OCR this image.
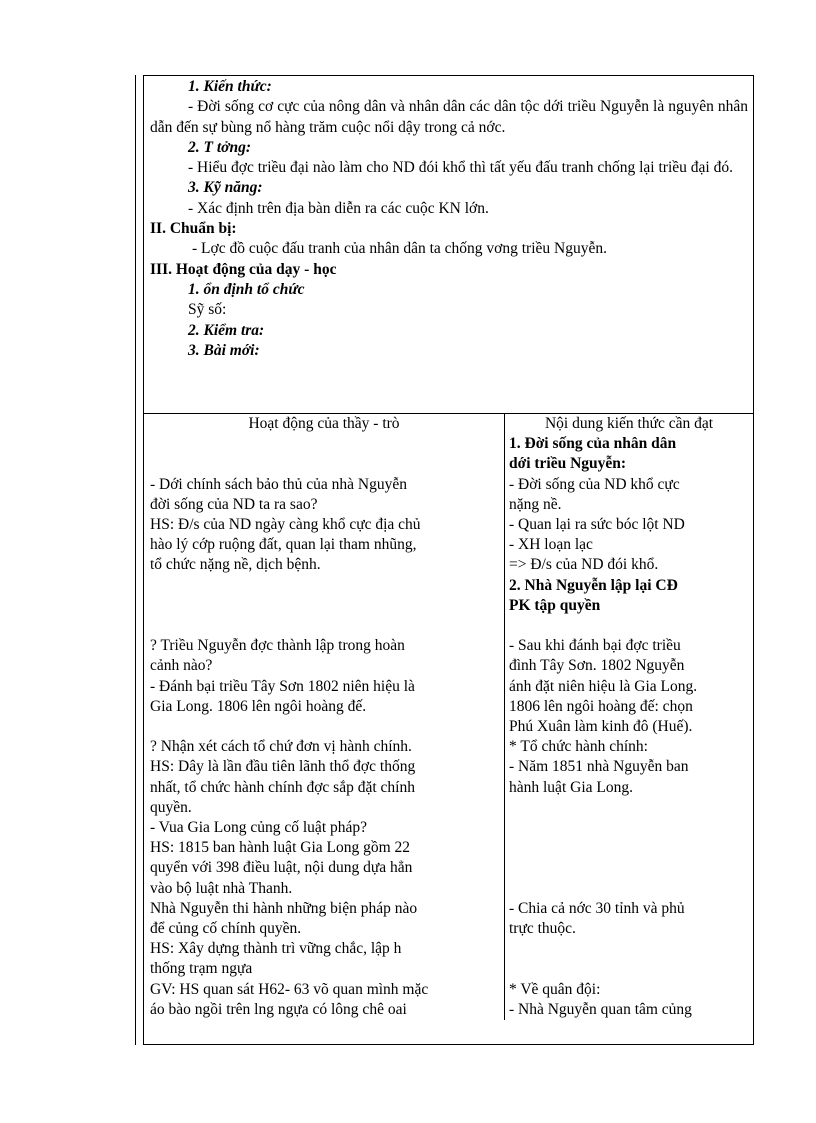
1. Kiến thức:

- Đời sống cơ cực của nông dân và nhân dân các dân tộc dới triều Nguyễn là nguyên nhân dẫn đến sự bùng nổ hàng trăm cuộc nổi dậy trong cả nớc.

2. T tởng:

- Hiểu đợc triều đại nào làm cho ND đói khổ thì tất yếu đấu tranh chống lại triều đại đó.

3. Kỹ năng:

- Xác định trên địa bàn diễn ra các cuộc KN lớn.

II. Chuẩn bị:

- Lợc đồ cuộc đấu tranh của nhân dân ta chống vơng triều Nguyễn.

III. Hoạt động của dạy - học

1. ổn định tổ chức

Sỹ số:

2. Kiểm tra:

3. Bài mới:

Hoạt động của thầy - trò	Nội dung kiến thức cần đạt

- Dới chính sách bảo thủ của nhà Nguyễn

đời sống của ND ta ra sao?

HS: Đ/s của ND ngày càng khổ cực địa chủ

hào lý cớp ruộng đất, quan lại tham nhũng,

tổ chức nặng nề, dịch bệnh.

? Triều Nguyễn đợc thành lập trong hoàn

cảnh nào?

- Đánh bại triều Tây Sơn 1802 niên hiệu là

Gia Long. 1806 lên ngôi hoàng đế.

? Nhận xét cách tổ chứ đơn vị hành chính.

HS: Dây là lần đầu tiên lãnh thổ đợc thống

nhất, tổ chức hành chính đợc sắp đặt chính

quyền.

- Vua Gia Long củng cố luật pháp?

HS: 1815 ban hành luật Gia Long gồm 22

quyển với 398 điều luật, nội dung dựa hẳn

vào bộ luật nhà Thanh.

Nhà Nguyễn thi hành những biện pháp nào

để củng cố chính quyền.

HS: Xây dựng thành trì vững chắc, lập h

thống trạm ngựa

GV: HS quan sát H62- 63 võ quan mình mặc

áo bào ngồi trên lng ngựa có lông chê oai

1. Đời sống của nhân dân

dới triều Nguyễn:

- Đời sống của ND khổ cực

nặng nề.

- Quan lại ra sức bóc lột ND

- XH loạn lạc

=> Đ/s của ND đói khổ.

2. Nhà Nguyễn lập lại CĐ

PK tập quyền

- Sau khi đánh bại đợc triều

đình Tây Sơn. 1802 Nguyễn

ánh đặt niên hiệu là Gia Long.

1806 lên ngôi hoàng đế: chọn

Phú Xuân làm kinh đô (Huế).

* Tổ chức hành chính:

- Năm 1851 nhà Nguyễn ban

hành luật Gia Long.

- Chia cả nớc 30 tỉnh và phủ

trực thuộc.

* Về quân đội:

- Nhà Nguyễn quan tâm củng
